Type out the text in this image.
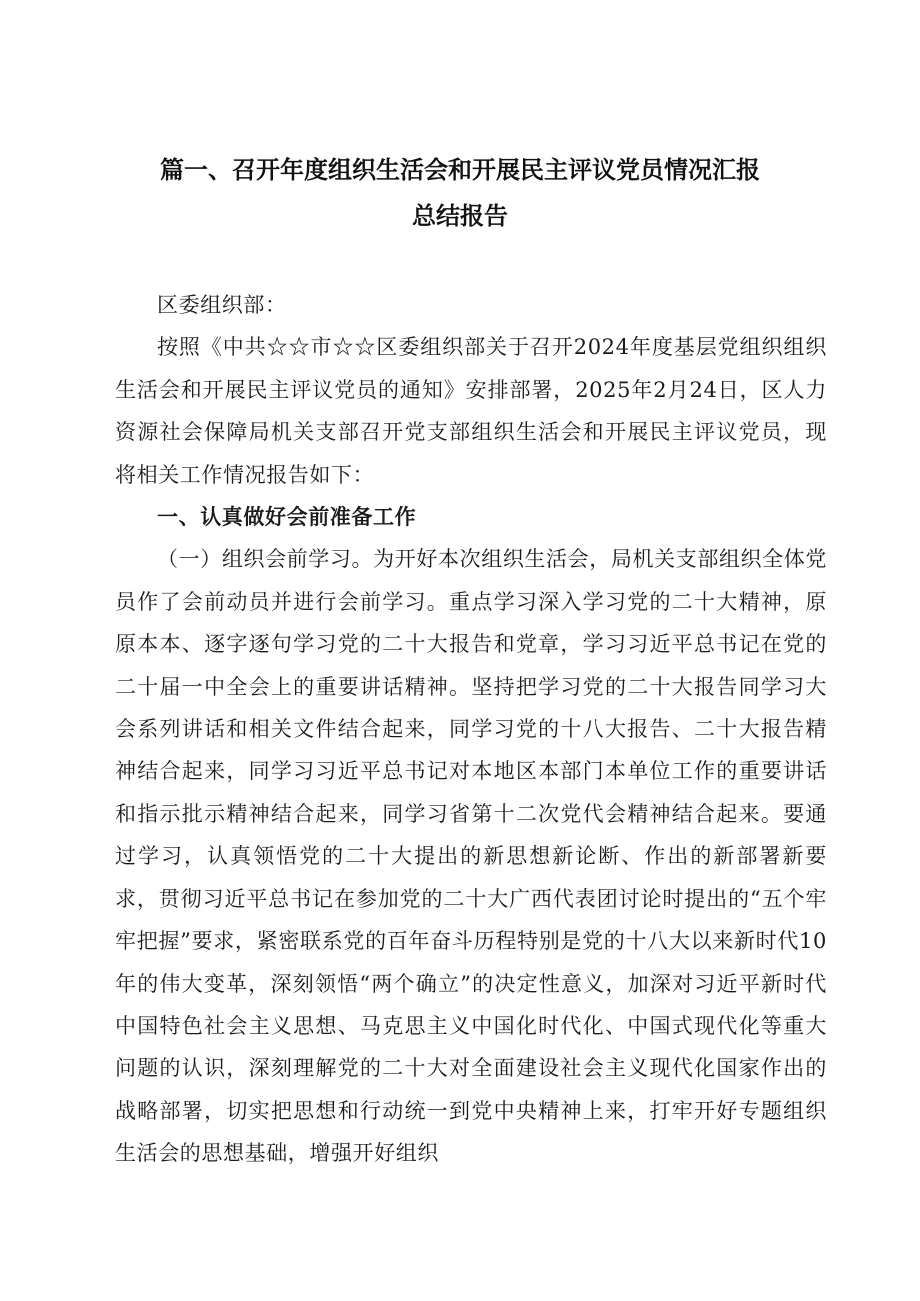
篇一、召开年度组织生活会和开展民主评议党员情况汇报
总结报告

区委组织部：

按照《中共☆☆市☆☆区委组织部关于召开2024年度基层党组织组织生活会和开展民主评议党员的通知》安排部署，2025年2月24日，区人力资源社会保障局机关支部召开党支部组织生活会和开展民主评议党员，现将相关工作情况报告如下：

一、认真做好会前准备工作

（一）组织会前学习。为开好本次组织生活会，局机关支部组织全体党员作了会前动员并进行会前学习。重点学习深入学习党的二十大精神，原原本本、逐字逐句学习党的二十大报告和党章，学习习近平总书记在党的二十届一中全会上的重要讲话精神。坚持把学习党的二十大报告同学习大会系列讲话和相关文件结合起来，同学习党的十八大报告、二十大报告精神结合起来，同学习习近平总书记对本地区本部门本单位工作的重要讲话和指示批示精神结合起来，同学习省第十二次党代会精神结合起来。要通过学习，认真领悟党的二十大提出的新思想新论断、作出的新部署新要求，贯彻习近平总书记在参加党的二十大广西代表团讨论时提出的“五个牢牢把握”要求，紧密联系党的百年奋斗历程特别是党的十八大以来新时代10年的伟大变革，深刻领悟“两个确立”的决定性意义，加深对习近平新时代中国特色社会主义思想、马克思主义中国化时代化、中国式现代化等重大问题的认识，深刻理解党的二十大对全面建设社会主义现代化国家作出的战略部署，切实把思想和行动统一到党中央精神上来，打牢开好专题组织生活会的思想基础，增强开好组织
